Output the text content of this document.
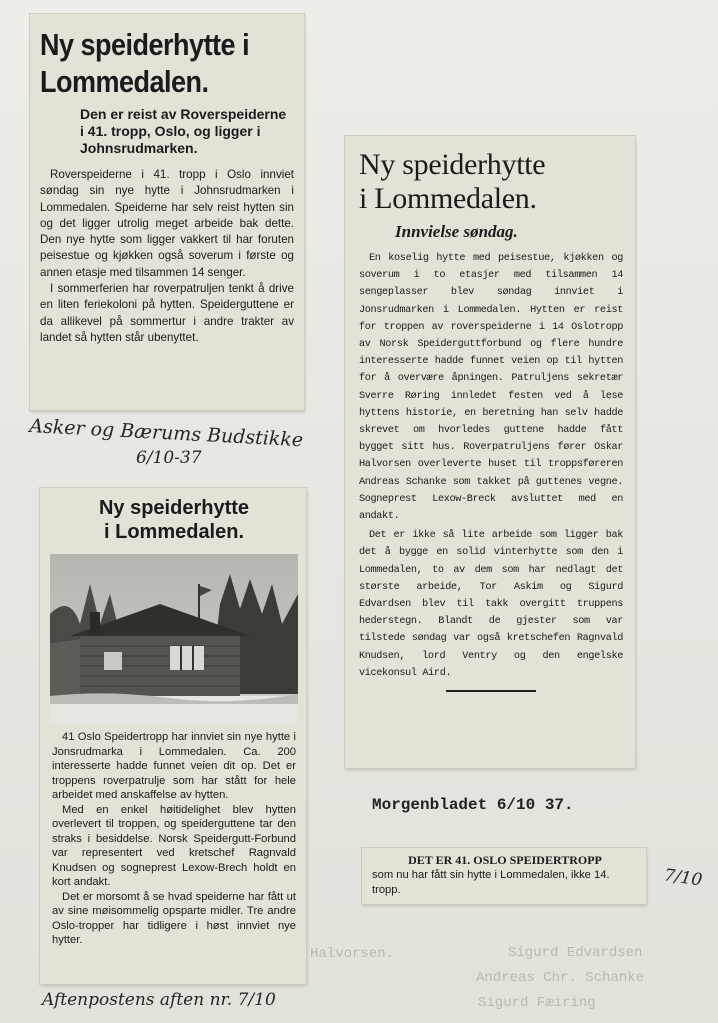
Sigurd Edvardsen
Andreas Chr. Schanke
Halvorsen.
Sigurd Fæiring
Ny speiderhytte i
Lommedalen.

Den er reist av Roverspeiderne i 41. tropp, Oslo, og ligger i Johnsrudmarken.

Roverspeiderne i 41. tropp i Oslo innviet søndag sin nye hytte i Johnsrudmarken i Lommedalen. Speiderne har selv reist hytten sin og det ligger utrolig meget arbeide bak dette. Den nye hytte som ligger vakkert til har foruten peisestue og kjøkken også soverum i første og annen etasje med tilsammen 14 senger.

I sommerferien har roverpatruljen tenkt å drive en liten feriekoloni på hytten. Speiderguttene er da allikevel på sommertur i andre trakter av landet så hytten står ubenyttet.

Asker og Bærums Budstikke
6/10-37
Ny speiderhytte
i Lommedalen.

41 Oslo Speidertropp har innviet sin nye hytte i Jonsrudmarka i Lommedalen. Ca. 200 interesserte hadde funnet veien dit op. Det er troppens roverpatrulje som har stått for hele arbeidet med anskaffelse av hytten.

Med en enkel høitidelighet blev hytten overlevert til troppen, og speiderguttene tar den straks i besiddelse. Norsk Speidergutt-Forbund var representert ved kretschef Ragnvald Knudsen og sogneprest Lexow-Brech holdt en kort andakt.

Det er morsomt å se hvad speiderne har fått ut av sine møisommelig opsparte midler. Tre andre Oslo-tropper har tidligere i høst innviet nye hytter.

Aftenpostens aften nr. 7/10
Ny speiderhytte
i Lommedalen.

Innvielse søndag.

En koselig hytte med peisestue, kjøkken og soverum i to etasjer med tilsammen 14 sengeplasser blev søndag innviet i Jonsrudmarken i Lommedalen. Hytten er reist for troppen av roverspeiderne i 14 Oslotropp av Norsk Speiderguttforbund og flere hundre interesserte hadde funnet veien op til hytten for å overvære åpningen. Patruljens sekretær Sverre Røring innledet festen ved å lese hyttens historie, en beretning han selv hadde skrevet om hvorledes guttene hadde fått bygget sitt hus. Roverpatruljens fører Oskar Halvorsen overleverte huset til troppsføreren Andreas Schanke som takket på guttenes vegne. Sogneprest Lexow-Breck avsluttet med en andakt.

Det er ikke så lite arbeide som ligger bak det å bygge en solid vinterhytte som den i Lommedalen, to av dem som har nedlagt det største arbeide, Tor Askim og Sigurd Edvardsen blev til takk overgitt truppens hederstegn. Blandt de gjester som var tilstede søndag var også kretschefen Ragnvald Knudsen, lord Ventry og den engelske vicekonsul Aird.

Morgenbladet 6/10 37.

DET ER 41. OSLO SPEIDERTROPP

som nu har fått sin hytte i Lommedalen, ikke 14. tropp.	7/10
